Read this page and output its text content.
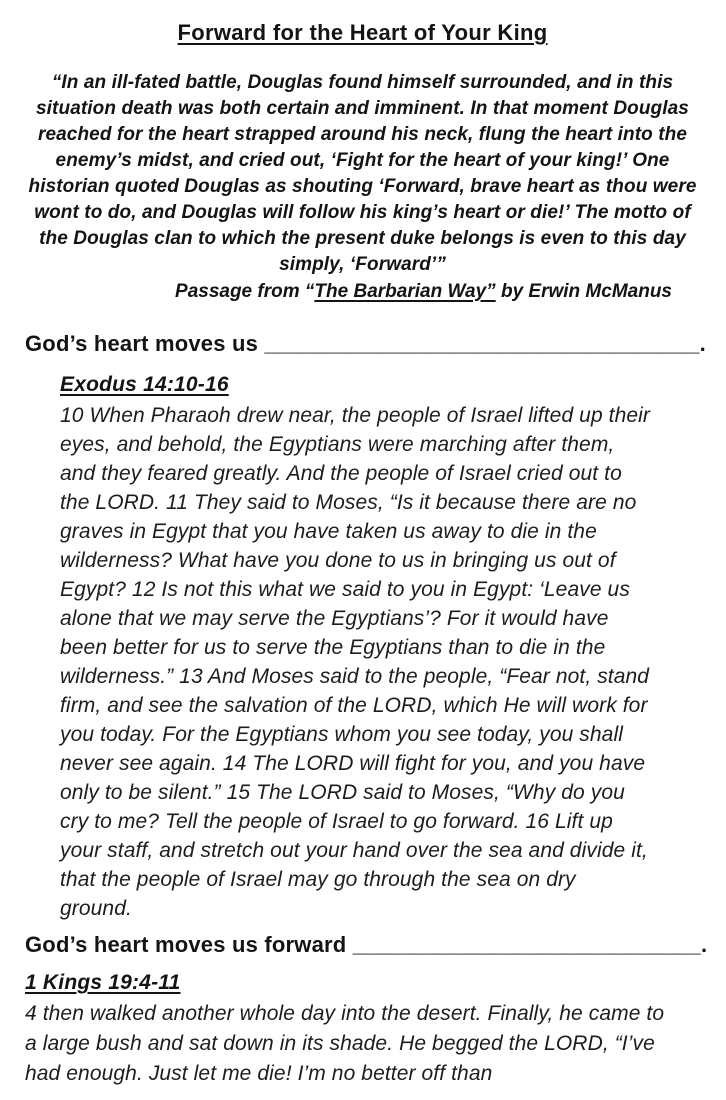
Forward for the Heart of Your King

“In an ill-fated battle, Douglas found himself surrounded, and in this situation death was both certain and imminent. In that moment Douglas reached for the heart strapped around his neck, flung the heart into the enemy’s midst, and cried out, ‘Fight for the heart of your king!’ One historian quoted Douglas as shouting ‘Forward, brave heart as thou were wont to do, and Douglas will follow his king’s heart or die!’ The motto of the Douglas clan to which the present duke belongs is even to this day simply, ‘Forward’”

Passage from “The Barbarian Way” by Erwin McManus

God’s heart moves us ___________________________________.

Exodus 14:10-16

10 When Pharaoh drew near, the people of Israel lifted up their eyes, and behold, the Egyptians were marching after them, and they feared greatly. And the people of Israel cried out to the LORD. 11 They said to Moses, “Is it because there are no graves in Egypt that you have taken us away to die in the wilderness? What have you done to us in bringing us out of Egypt? 12 Is not this what we said to you in Egypt: ‘Leave us alone that we may serve the Egyptians’? For it would have been better for us to serve the Egyptians than to die in the wilderness.” 13 And Moses said to the people, “Fear not, stand firm, and see the salvation of the LORD, which He will work for you today. For the Egyptians whom you see today, you shall never see again. 14 The LORD will fight for you, and you have only to be silent.” 15 The LORD said to Moses, “Why do you cry to me? Tell the people of Israel to go forward. 16 Lift up your staff, and stretch out your hand over the sea and divide it, that the people of Israel may go through the sea on dry ground.

God’s heart moves us forward ____________________________.

1 Kings 19:4-11

4 then walked another whole day into the desert. Finally, he came to a large bush and sat down in its shade. He begged the LORD, “I’ve had enough. Just let me die! I’m no better off than
